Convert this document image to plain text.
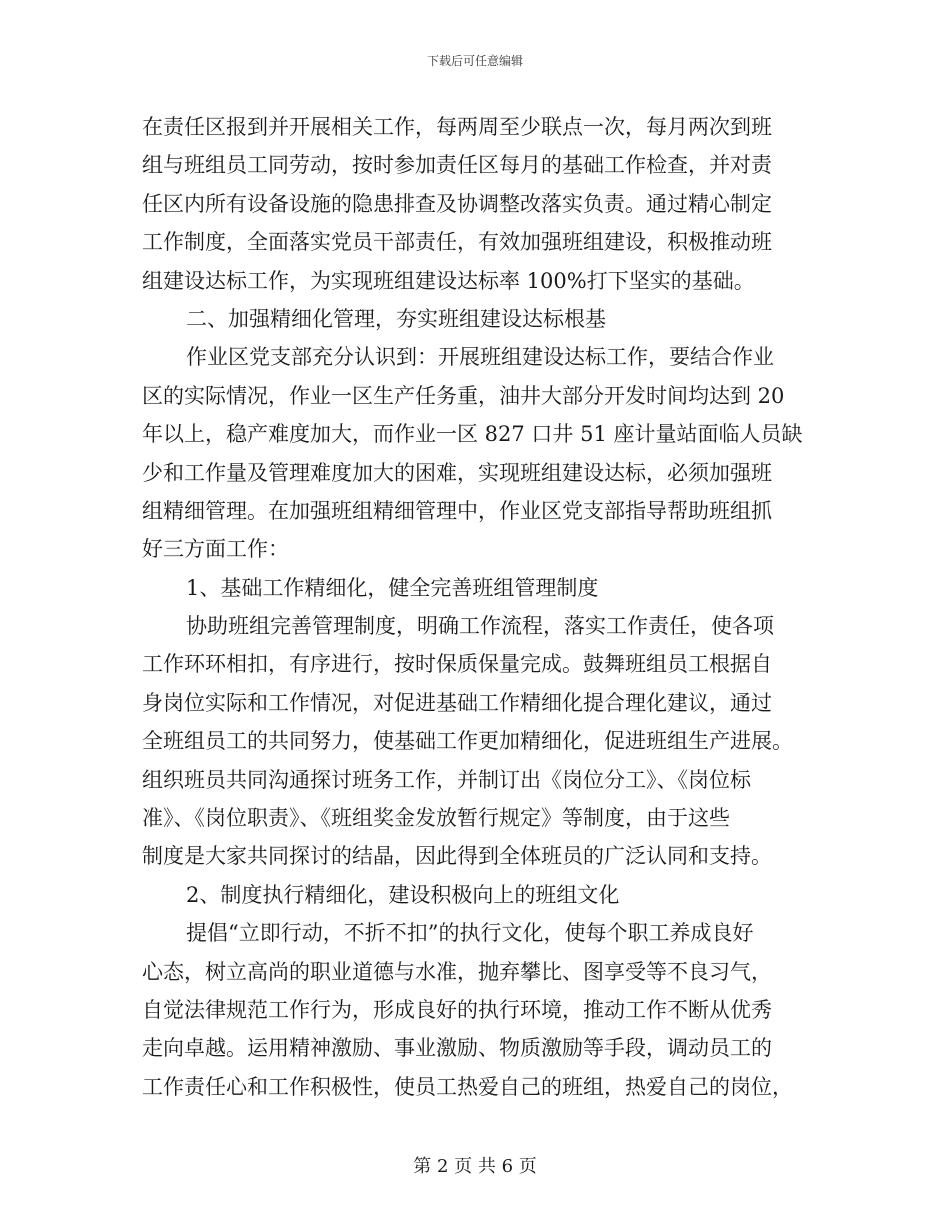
下载后可任意编辑
在责任区报到并开展相关工作，每两周至少联点一次，每月两次到班
组与班组员工同劳动，按时参加责任区每月的基础工作检查，并对责
任区内所有设备设施的隐患排查及协调整改落实负责。通过精心制定
工作制度，全面落实党员干部责任，有效加强班组建设，积极推动班
组建设达标工作，为实现班组建设达标率 100%打下坚实的基础。
二、加强精细化管理，夯实班组建设达标根基
作业区党支部充分认识到：开展班组建设达标工作，要结合作业
区的实际情况，作业一区生产任务重，油井大部分开发时间均达到 20
年以上，稳产难度加大，而作业一区 827 口井 51 座计量站面临人员缺
少和工作量及管理难度加大的困难，实现班组建设达标，必须加强班
组精细管理。在加强班组精细管理中，作业区党支部指导帮助班组抓
好三方面工作：
1、基础工作精细化，健全完善班组管理制度
协助班组完善管理制度，明确工作流程，落实工作责任，使各项
工作环环相扣，有序进行，按时保质保量完成。鼓舞班组员工根据自
身岗位实际和工作情况，对促进基础工作精细化提合理化建议，通过
全班组员工的共同努力，使基础工作更加精细化，促进班组生产进展。
组织班员共同沟通探讨班务工作，并制订出《岗位分工》、《岗位标
准》、《岗位职责》、《班组奖金发放暂行规定》等制度，由于这些
制度是大家共同探讨的结晶，因此得到全体班员的广泛认同和支持。
2、制度执行精细化，建设积极向上的班组文化
提倡“立即行动，不折不扣”的执行文化，使每个职工养成良好
心态，树立高尚的职业道德与水准，抛弃攀比、图享受等不良习气，
自觉法律规范工作行为，形成良好的执行环境，推动工作不断从优秀
走向卓越。运用精神激励、事业激励、物质激励等手段，调动员工的
工作责任心和工作积极性，使员工热爱自己的班组，热爱自己的岗位，
第 2 页 共 6 页
